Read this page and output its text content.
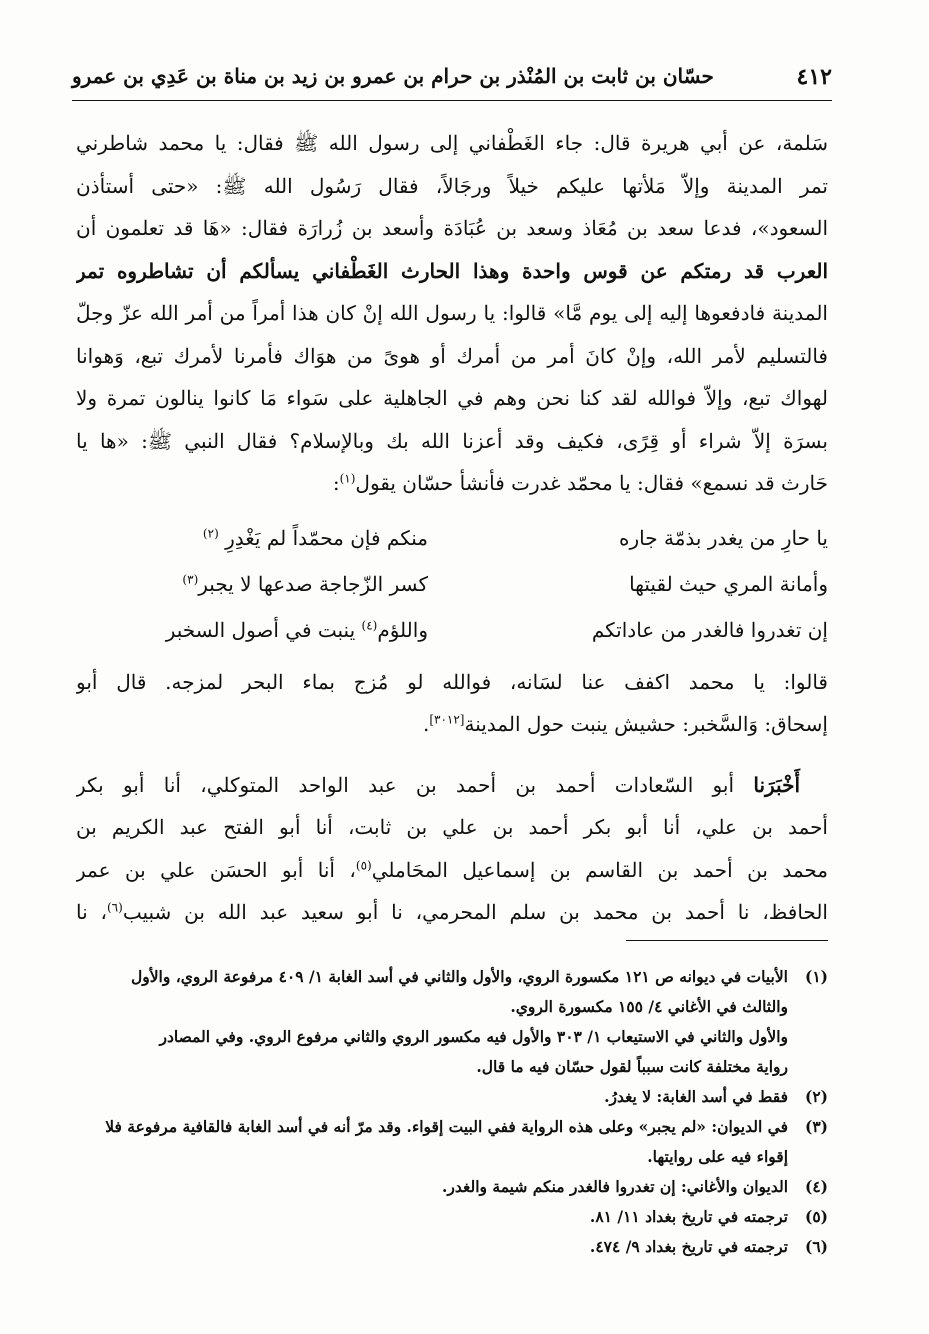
٤١٢
حسّان بن ثابت بن المُنْذر بن حرام بن عمرو بن زيد بن مناة بن عَدِي بن عمرو
سَلمة، عن أبي هريرة قال: جاء الغَطْفاني إلى رسول الله ﷺ فقال: يا محمد شاطرني
تمر المدينة وإلاّ مَلأتها عليكم خيلاً ورجَالاً، فقال رَسُول الله ﷺ: «حتى أستأذن
السعود»، فدعا سعد بن مُعَاذ وسعد بن عُبَادَة وأسعد بن زُرارَة فقال: «هَا قد تعلمون أن
العرب قد رمتكم عن قوس واحدة وهذا الحارث الغَطْفاني يسألكم أن تشاطروه تمر
المدينة فادفعوها إليه إلى يوم مَّا» قالوا: يا رسول الله إنْ كان هذا أمراً من أمر الله عزّ وجلّ
فالتسليم لأمر الله، وإنْ كانَ أمر من أمرك أو هوىً من هوَاك فأمرنا لأمرك تبع، وَهوانا
لهواك تبع، وإلاّ فوالله لقد كنا نحن وهم في الجاهلية على سَواء مَا كانوا ينالون تمرة ولا
بسرَة إلاّ شراء أو قِرًى، فكيف وقد أعزنا الله بك وبالإسلام؟ فقال النبي ﷺ: «ها يا
حَارث قد نسمع» فقال: يا محمّد غدرت فأنشأ حسّان يقول$^{(١)}$:
يا حارِ من يغدر بذمّة جاره
منكم فإن محمّداً لم يَغْدِرِ $^{(٢)}$
وأمانة المري حيث لقيتها
كسر الزّجاجة صدعها لا يجبر$^{(٣)}$
إن تغدروا فالغدر من عاداتكم
واللؤم$^{(٤)}$ ينبت في أصول السخبر
قالوا: يا محمد اكفف عنا لسَانه، فوالله لو مُزج بماء البحر لمزجه. قال أبو
إسحاق: وَالسَّخبر: حشيش ينبت حول المدينة[٣٠١٢].
أَخْبَرَنا أبو السّعادات أحمد بن أحمد بن عبد الواحد المتوكلي، أنا أبو بكر
أحمد بن علي، أنا أبو بكر أحمد بن علي بن ثابت، أنا أبو الفتح عبد الكريم بن
محمد بن أحمد بن القاسم بن إسماعيل المحَاملي$^{(٥)}$، أنا أبو الحسَن علي بن عمر
الحافظ، نا أحمد بن محمد بن سلم المحرمي، نا أبو سعيد عبد الله بن شبيب$^{(٦)}$، نا
(١)
الأبيات في ديوانه ص ١٢١ مكسورة الروي، والأول والثاني في أسد الغابة ١/ ٤٠٩ مرفوعة الروي، والأول
والثالث في الأغاني ٤/ ١٥٥ مكسورة الروي.
والأول والثاني في الاستيعاب ١/ ٣٠٣ والأول فيه مكسور الروي والثاني مرفوع الروي. وفي المصادر
رواية مختلفة كانت سبباً لقول حسّان فيه ما قال.
(٢)
فقط في أسد الغابة: لا يغدرُ.
(٣)
في الديوان: «لم يجبر» وعلى هذه الرواية ففي البيت إقواء. وقد مرّ أنه في أسد الغابة فالقافية مرفوعة فلا
إقواء فيه على روايتها.
(٤)
الديوان والأغاني: إن تغدروا فالغدر منكم شيمة والغدر.
(٥)
ترجمته في تاريخ بغداد ١١/ ٨١.
(٦)
ترجمته في تاريخ بغداد ٩/ ٤٧٤.
